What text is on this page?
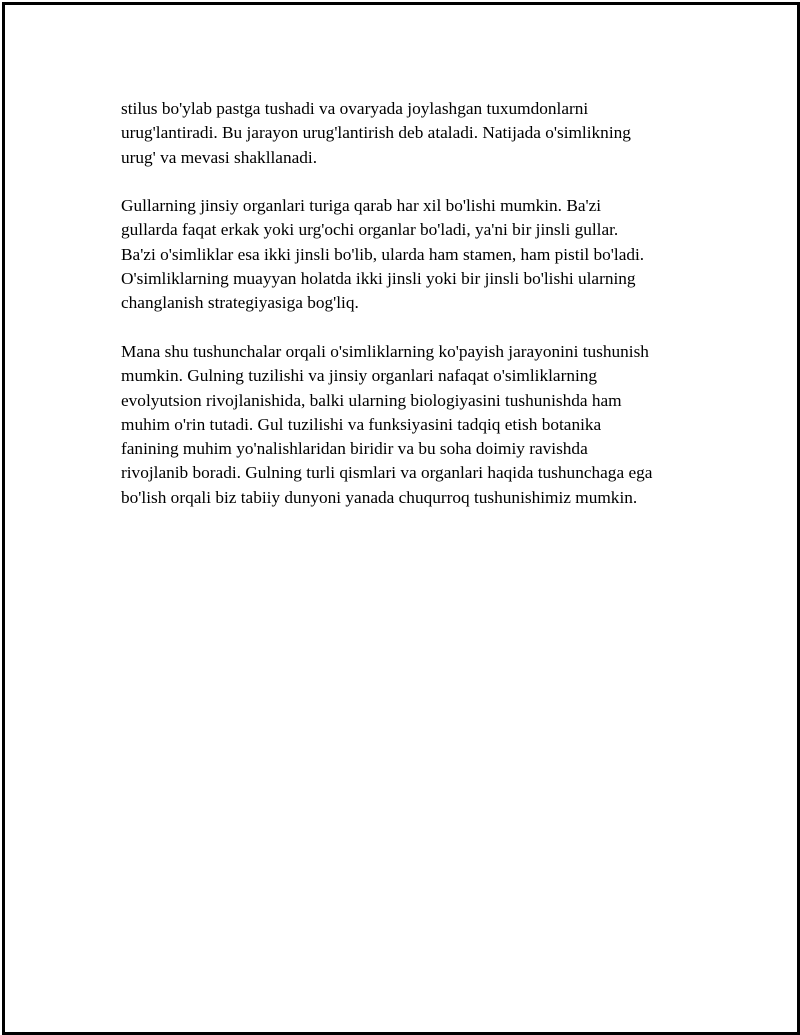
stilus bo'ylab pastga tushadi va ovaryada joylashgan tuxumdonlarni
urug'lantiradi. Bu jarayon urug'lantirish deb ataladi. Natijada o'simlikning
urug' va mevasi shakllanadi.

Gullarning jinsiy organlari turiga qarab har xil bo'lishi mumkin. Ba'zi
gullarda faqat erkak yoki urg'ochi organlar bo'ladi, ya'ni bir jinsli gullar.
Ba'zi o'simliklar esa ikki jinsli bo'lib, ularda ham stamen, ham pistil bo'ladi.
O'simliklarning muayyan holatda ikki jinsli yoki bir jinsli bo'lishi ularning
changlanish strategiyasiga bog'liq.

Mana shu tushunchalar orqali o'simliklarning ko'payish jarayonini tushunish
mumkin. Gulning tuzilishi va jinsiy organlari nafaqat o'simliklarning
evolyutsion rivojlanishida, balki ularning biologiyasini tushunishda ham
muhim o'rin tutadi. Gul tuzilishi va funksiyasini tadqiq etish botanika
fanining muhim yo'nalishlaridan biridir va bu soha doimiy ravishda
rivojlanib boradi. Gulning turli qismlari va organlari haqida tushunchaga ega
bo'lish orqali biz tabiiy dunyoni yanada chuqurroq tushunishimiz mumkin.
